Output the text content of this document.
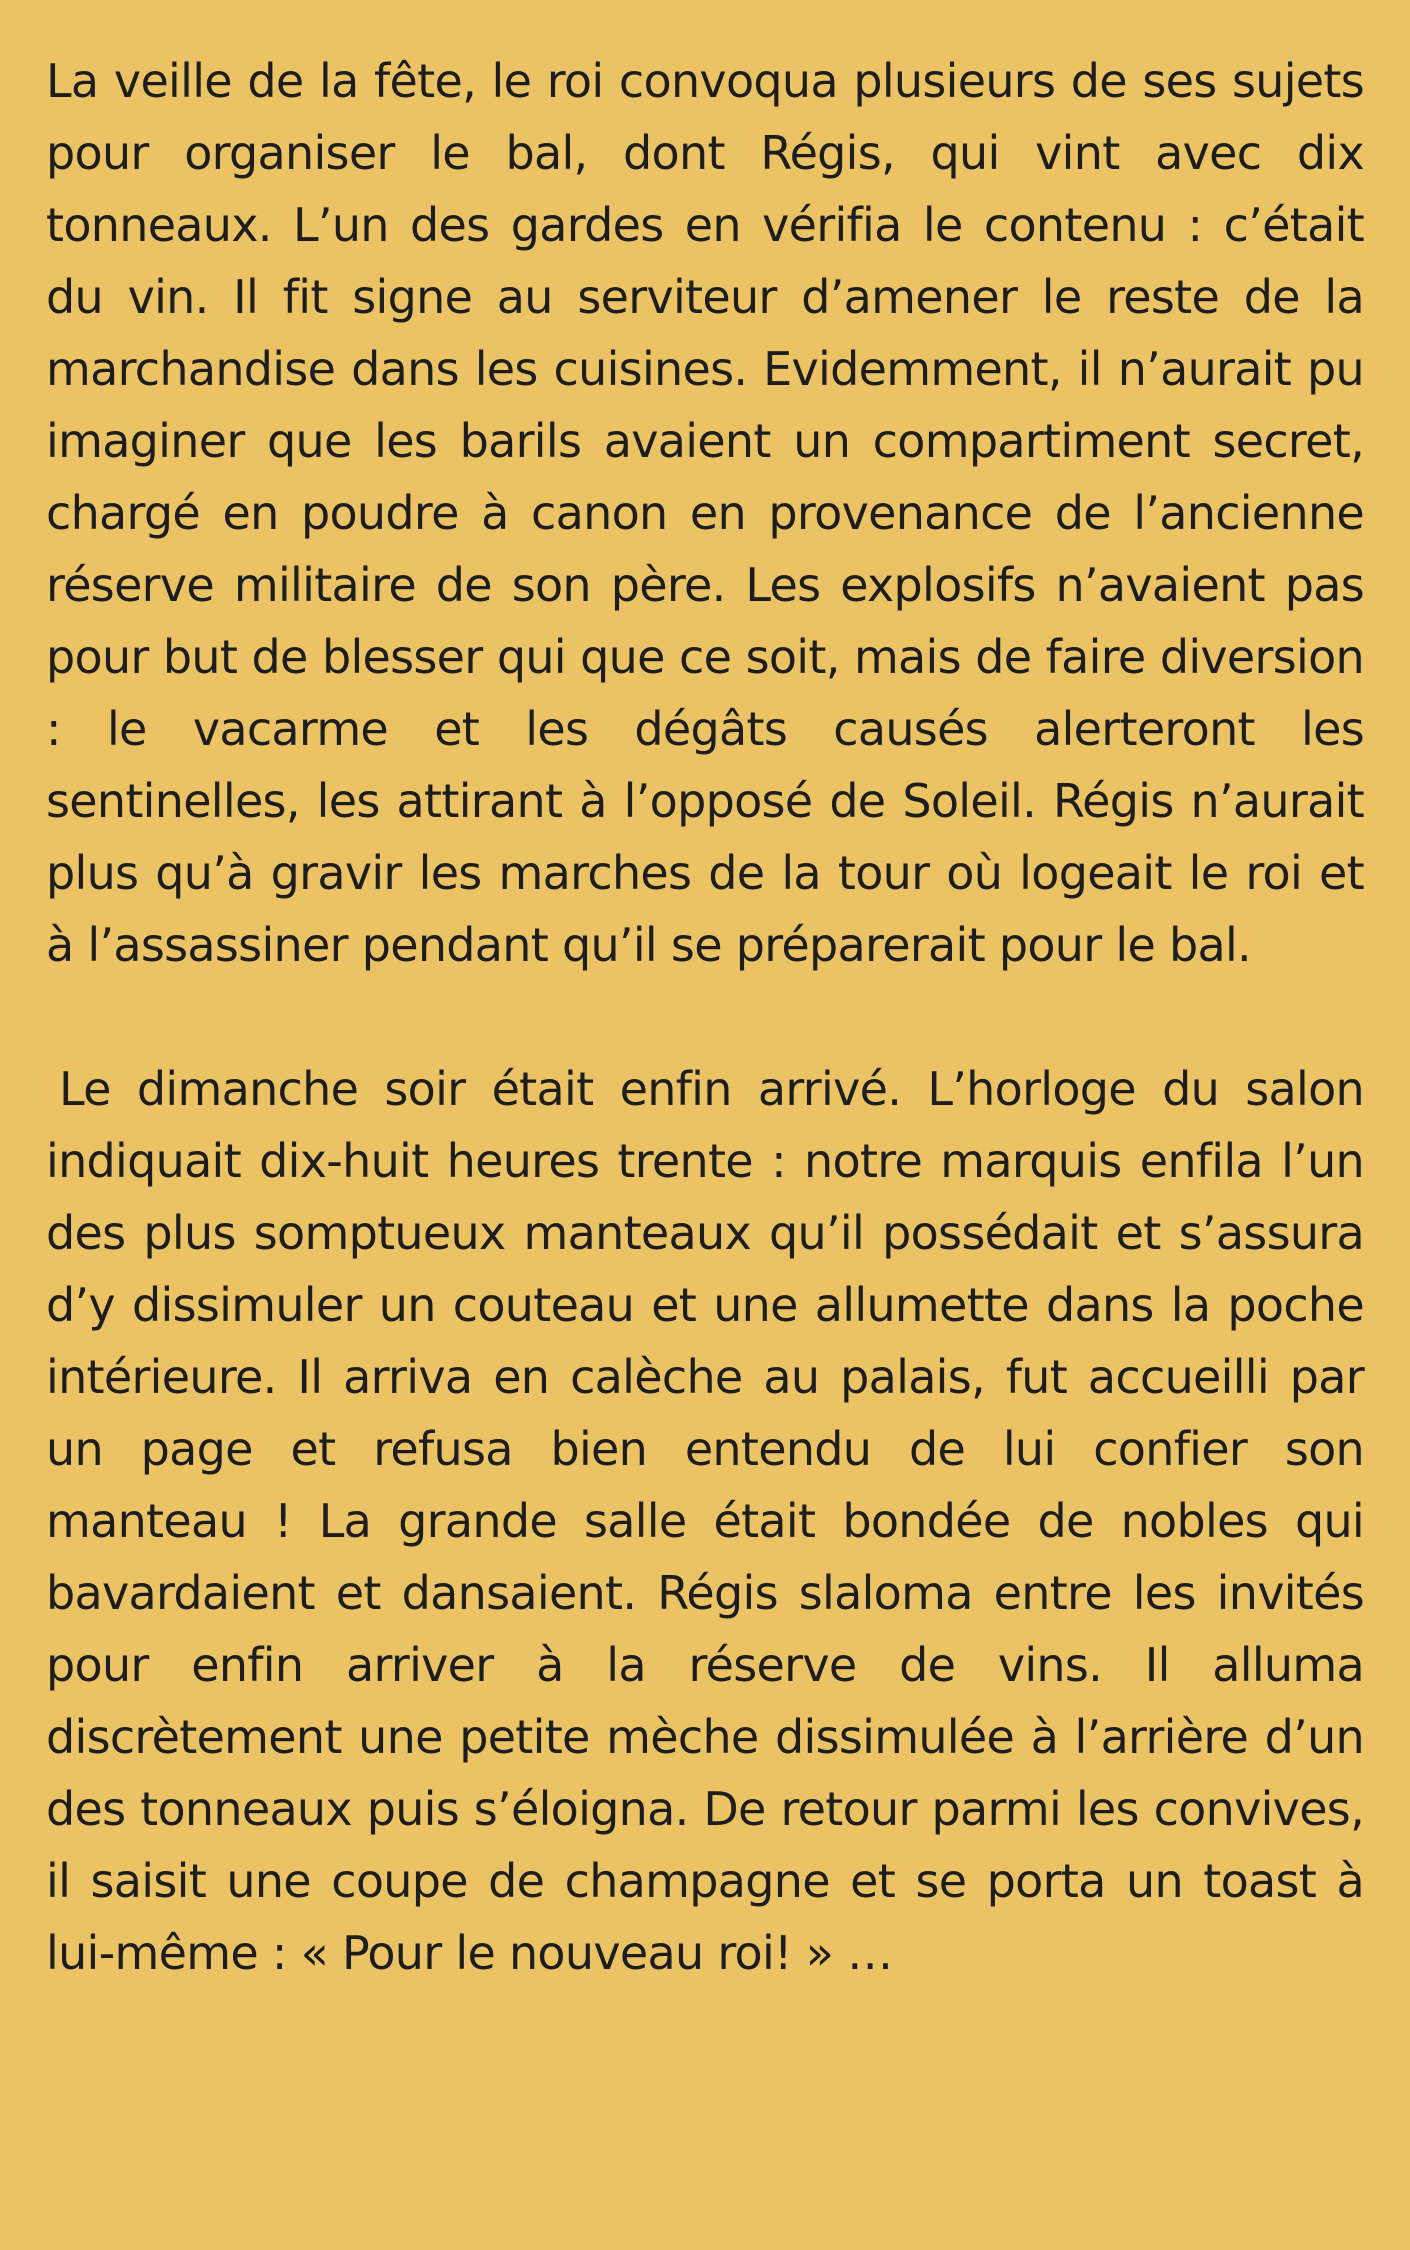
La veille de la fête, le roi convoqua plusieurs de ses sujets pour organiser le bal, dont Régis, qui vint avec dix tonneaux. L’un des gardes en vérifia le contenu : c’était du vin. Il fit signe au serviteur d’amener le reste de la marchandise dans les cuisines. Evidemment, il n’aurait pu imaginer que les barils avaient un compartiment secret, chargé en poudre à canon en provenance de l’ancienne réserve militaire de son père. Les explosifs n’avaient pas pour but de blesser qui que ce soit, mais de faire diversion : le vacarme et les dégâts causés alerteront les sentinelles, les attirant à l’opposé de Soleil. Régis n’aurait plus qu’à gravir les marches de la tour où logeait le roi et à l’assassiner pendant qu’il se préparerait pour le bal.

Le dimanche soir était enfin arrivé. L’horloge du salon indiquait dix-huit heures trente : notre marquis enfila l’un des plus somptueux manteaux qu’il possédait et s’assura d’y dissimuler un couteau et une allumette dans la poche intérieure. Il arriva en calèche au palais, fut accueilli par un page et refusa bien entendu de lui confier son manteau ! La grande salle était bondée de nobles qui bavardaient et dansaient. Régis slaloma entre les invités pour enfin arriver à la réserve de vins. Il alluma discrètement une petite mèche dissimulée à l’arrière d’un des tonneaux puis s’éloigna. De retour parmi les convives, il saisit une coupe de champagne et se porta un toast à lui-même : « Pour le nouveau roi! » …
